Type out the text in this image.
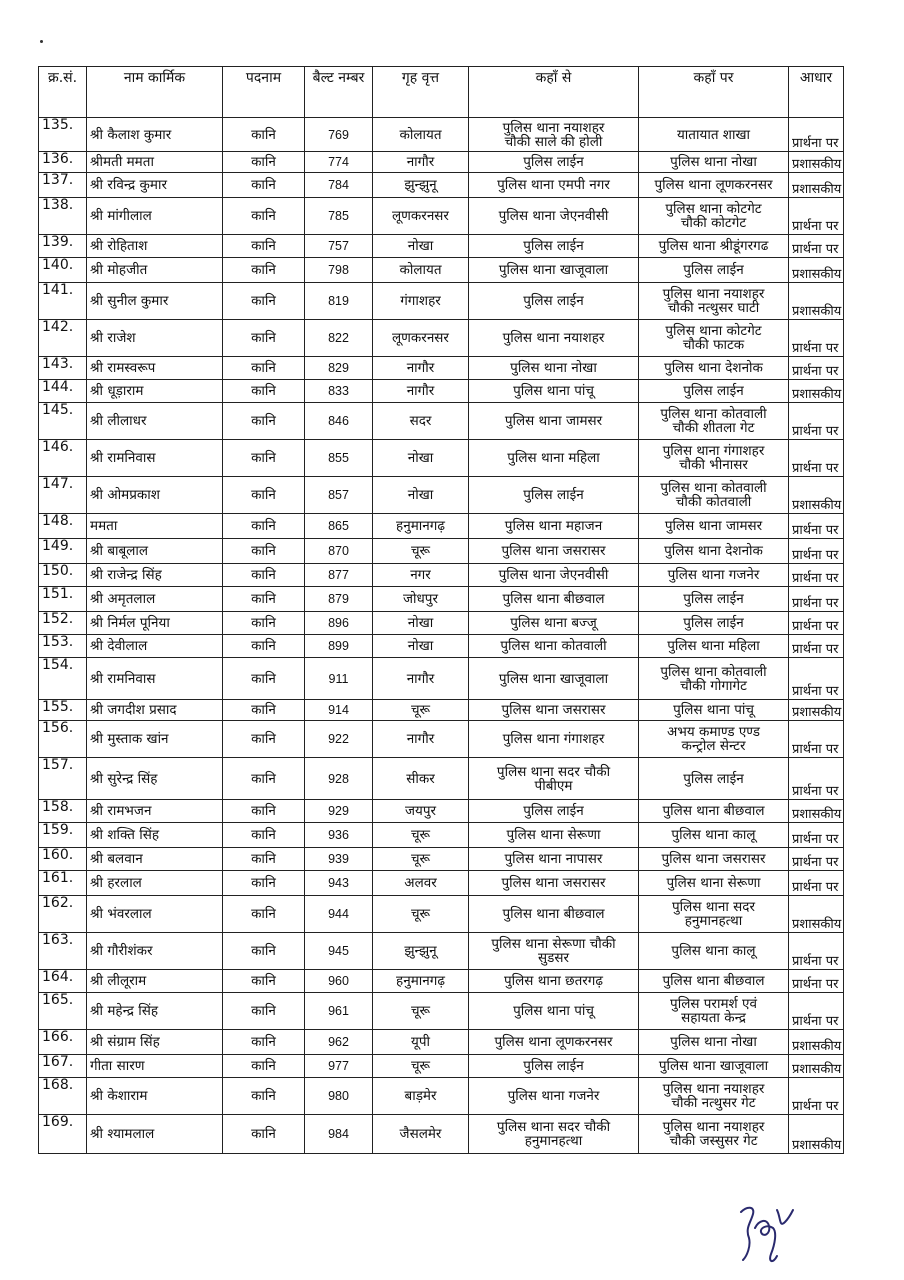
क्र.सं.	नाम कार्मिक	पदनाम	बैल्ट नम्बर	गृह वृत्त	कहाँ से	कहाँ पर	आधार
135.	श्री कैलाश कुमार	कानि	769	कोलायत	पुलिस थाना नयाशहर
चौकी साले की होली	यातायात शाखा	प्रार्थना पर
136.	श्रीमती ममता	कानि	774	नागौर	पुलिस लाईन	पुलिस थाना नोखा	प्रशासकीय
137.	श्री रविन्द्र कुमार	कानि	784	झुन्झुनू	पुलिस थाना एमपी नगर	पुलिस थाना लूणकरनसर	प्रशासकीय
138.	श्री मांगीलाल	कानि	785	लूणकरनसर	पुलिस थाना जेएनवीसी	पुलिस थाना कोटगेट
चौकी कोटगेट	प्रार्थना पर
139.	श्री रोहिताश	कानि	757	नोखा	पुलिस लाईन	पुलिस थाना श्रीडूंगरगढ	प्रार्थना पर
140.	श्री मोहजीत	कानि	798	कोलायत	पुलिस थाना खाजूवाला	पुलिस लाईन	प्रशासकीय
141.	श्री सुनील कुमार	कानि	819	गंगाशहर	पुलिस लाईन	पुलिस थाना नयाशहर
चौकी नत्थुसर घाटी	प्रशासकीय
142.	श्री राजेश	कानि	822	लूणकरनसर	पुलिस थाना नयाशहर	पुलिस थाना कोटगेट
चौकी फाटक	प्रार्थना पर
143.	श्री रामस्वरूप	कानि	829	नागौर	पुलिस थाना नोखा	पुलिस थाना देशनोक	प्रार्थना पर
144.	श्री धूड़ाराम	कानि	833	नागौर	पुलिस थाना पांचू	पुलिस लाईन	प्रशासकीय
145.	श्री लीलाधर	कानि	846	सदर	पुलिस थाना जामसर	पुलिस थाना कोतवाली
चौकी शीतला गेट	प्रार्थना पर
146.	श्री रामनिवास	कानि	855	नोखा	पुलिस थाना महिला	पुलिस थाना गंगाशहर
चौकी भीनासर	प्रार्थना पर
147.	श्री ओमप्रकाश	कानि	857	नोखा	पुलिस लाईन	पुलिस थाना कोतवाली
चौकी कोतवाली	प्रशासकीय
148.	ममता	कानि	865	हनुमानगढ़	पुलिस थाना महाजन	पुलिस थाना जामसर	प्रार्थना पर
149.	श्री बाबूलाल	कानि	870	चूरू	पुलिस थाना जसरासर	पुलिस थाना देशनोक	प्रार्थना पर
150.	श्री राजेन्द्र सिंह	कानि	877	नगर	पुलिस थाना जेएनवीसी	पुलिस थाना गजनेर	प्रार्थना पर
151.	श्री अमृतलाल	कानि	879	जोधपुर	पुलिस थाना बीछवाल	पुलिस लाईन	प्रार्थना पर
152.	श्री निर्मल पूनिया	कानि	896	नोखा	पुलिस थाना बज्जू	पुलिस लाईन	प्रार्थना पर
153.	श्री देवीलाल	कानि	899	नोखा	पुलिस थाना कोतवाली	पुलिस थाना महिला	प्रार्थना पर
154.	श्री रामनिवास	कानि	911	नागौर	पुलिस थाना खाजूवाला	पुलिस थाना कोतवाली
चौकी गोगागेट	प्रार्थना पर
155.	श्री जगदीश प्रसाद	कानि	914	चूरू	पुलिस थाना जसरासर	पुलिस थाना पांचू	प्रशासकीय
156.	श्री मुस्ताक खांन	कानि	922	नागौर	पुलिस थाना गंगाशहर	अभय कमाण्ड एण्ड
कन्ट्रोल सेन्टर	प्रार्थना पर
157.	श्री सुरेन्द्र सिंह	कानि	928	सीकर	पुलिस थाना सदर चौकी
पीबीएम	पुलिस लाईन	प्रार्थना पर
158.	श्री रामभजन	कानि	929	जयपुर	पुलिस लाईन	पुलिस थाना बीछवाल	प्रशासकीय
159.	श्री शक्ति सिंह	कानि	936	चूरू	पुलिस थाना सेरूणा	पुलिस थाना कालू	प्रार्थना पर
160.	श्री बलवान	कानि	939	चूरू	पुलिस थाना नापासर	पुलिस थाना जसरासर	प्रार्थना पर
161.	श्री हरलाल	कानि	943	अलवर	पुलिस थाना जसरासर	पुलिस थाना सेरूणा	प्रार्थना पर
162.	श्री भंवरलाल	कानि	944	चूरू	पुलिस थाना बीछवाल	पुलिस थाना सदर
हनुमानहत्था	प्रशासकीय
163.	श्री गौरीशंकर	कानि	945	झुन्झुनू	पुलिस थाना सेरूणा चौकी
सुडसर	पुलिस थाना कालू	प्रार्थना पर
164.	श्री लीलूराम	कानि	960	हनुमानगढ़	पुलिस थाना छतरगढ़	पुलिस थाना बीछवाल	प्रार्थना पर
165.	श्री महेन्द्र सिंह	कानि	961	चूरू	पुलिस थाना पांचू	पुलिस परामर्श एवं
सहायता केन्द्र	प्रार्थना पर
166.	श्री संग्राम सिंह	कानि	962	यूपी	पुलिस थाना लूणकरनसर	पुलिस थाना नोखा	प्रशासकीय
167.	गीता सारण	कानि	977	चूरू	पुलिस लाईन	पुलिस थाना खाजूवाला	प्रशासकीय
168.	श्री केशाराम	कानि	980	बाड़मेर	पुलिस थाना गजनेर	पुलिस थाना नयाशहर
चौकी नत्थुसर गेट	प्रार्थना पर
169.	श्री श्यामलाल	कानि	984	जैसलमेर	पुलिस थाना सदर चौकी
हनुमानहत्था	पुलिस थाना नयाशहर
चौकी जस्सुसर गेट	प्रशासकीय
